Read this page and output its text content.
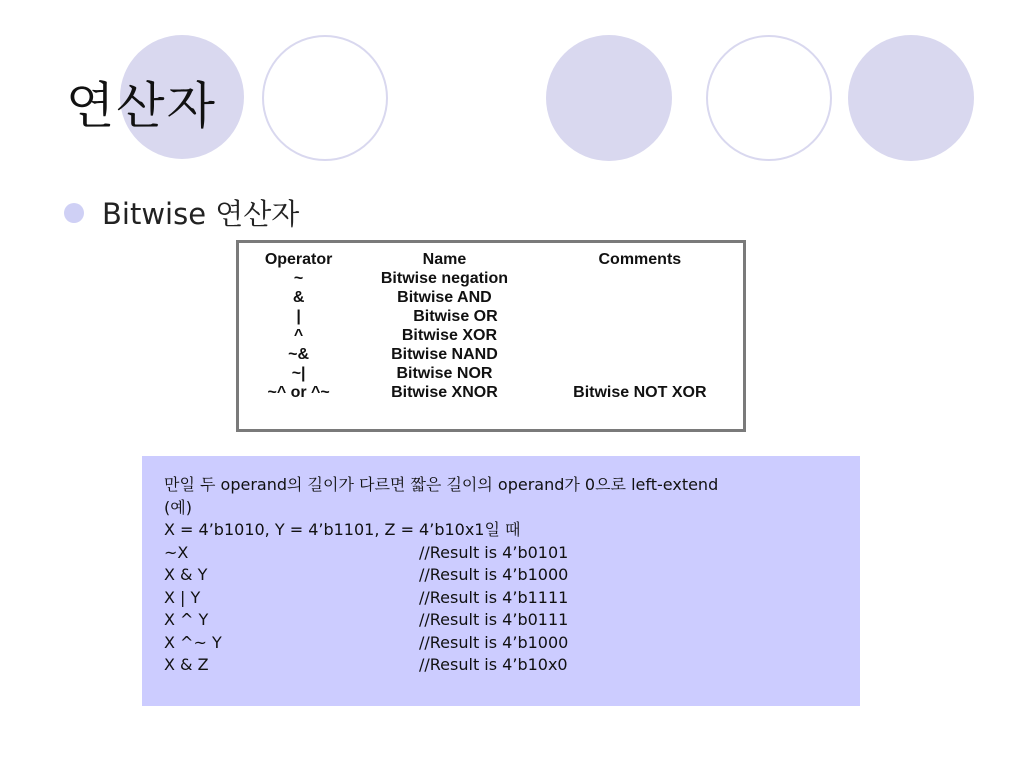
연산자
Bitwise 연산자
Operator	Name	Comments
~	Bitwise negation	
&	Bitwise AND	
|	Bitwise OR	
^	Bitwise XOR	
~&	Bitwise NAND	
~|	Bitwise NOR	
~^ or ^~	Bitwise XNOR	Bitwise NOT XOR
만일 두 operand의 길이가 다르면 짧은 길이의 operand가 0으로 left-extend
(예)
X = 4’b1010, Y = 4’b1101, Z = 4’b10x1일 때
~X	//Result is 4’b0101
X & Y	//Result is 4’b1000
X | Y	//Result is 4’b1111
X ^ Y	//Result is 4’b0111
X ^~ Y	//Result is 4’b1000
X & Z	//Result is 4’b10x0
